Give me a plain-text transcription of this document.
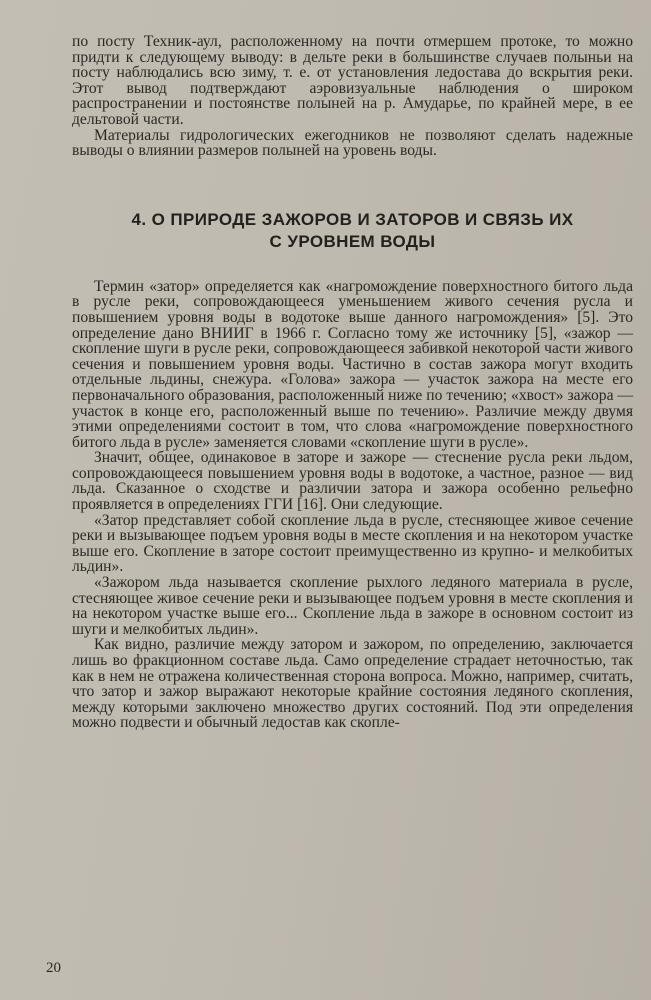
по посту Техник-аул, расположенному на почти отмершем протоке, то можно придти к следующему выводу: в дельте реки в большинстве случаев полыньи на посту наблюдались всю зиму, т. е. от установления ледостава до вскрытия реки. Этот вывод подтверждают аэровизуальные наблюдения о широком распространении и постоянстве полыней на р. Амударье, по крайней мере, в ее дельтовой части.

Материалы гидрологических ежегодников не позволяют сделать надежные выводы о влиянии размеров полыней на уровень воды.

4. О ПРИРОДЕ ЗАЖОРОВ И ЗАТОРОВ И СВЯЗЬ ИХ
С УРОВНЕМ ВОДЫ

Термин «затор» определяется как «нагромождение поверхностного битого льда в русле реки, сопровождающееся уменьшением живого сечения русла и повышением уровня воды в водотоке выше данного нагромождения» [5]. Это определение дано ВНИИГ в 1966 г. Согласно тому же источнику [5], «зажор — скопление шуги в русле реки, сопровождающееся забивкой некоторой части живого сечения и повышением уровня воды. Частично в состав зажора могут входить отдельные льдины, снежура. «Голова» зажора — участок зажора на месте его первоначального образования, расположенный ниже по течению; «хвост» зажора — участок в конце его, расположенный выше по течению». Различие между двумя этими определениями состоит в том, что слова «нагромождение поверхностного битого льда в русле» заменяется словами «скопление шуги в русле».

Значит, общее, одинаковое в заторе и зажоре — стеснение русла реки льдом, сопровождающееся повышением уровня воды в водотоке, а частное, разное — вид льда. Сказанное о сходстве и различии затора и зажора особенно рельефно проявляется в определениях ГГИ [16]. Они следующие.

«Затор представляет собой скопление льда в русле, стесняющее живое сечение реки и вызывающее подъем уровня воды в месте скопления и на некотором участке выше его. Скопление в заторе состоит преимущественно из крупно- и мелкобитых льдин».

«Зажором льда называется скопление рыхлого ледяного материала в русле, стесняющее живое сечение реки и вызывающее подъем уровня в месте скопления и на некотором участке выше его... Скопление льда в зажоре в основном состоит из шуги и мелкобитых льдин».

Как видно, различие между затором и зажором, по определению, заключается лишь во фракционном составе льда. Само определение страдает неточностью, так как в нем не отражена количественная сторона вопроса. Можно, например, считать, что затор и зажор выражают некоторые крайние состояния ледяного скопления, между которыми заключено множество других состояний. Под эти определения можно подвести и обычный ледостав как скопле-

20
